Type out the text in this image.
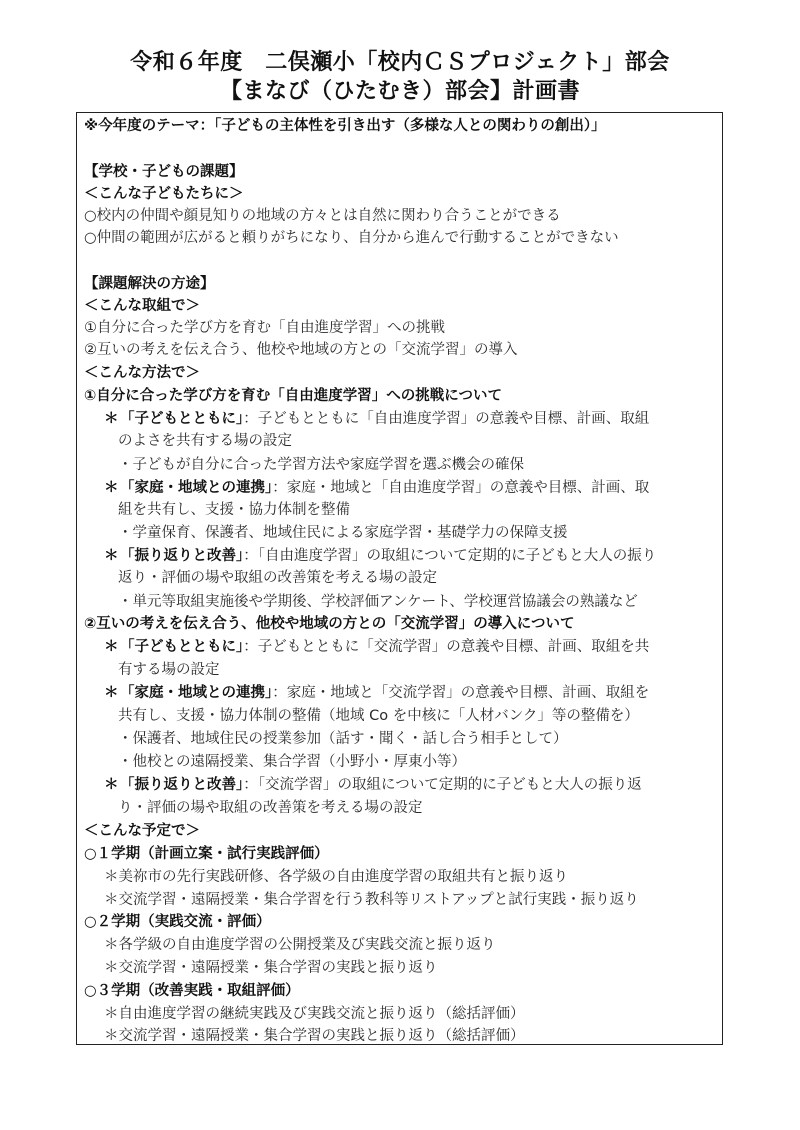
令和６年度　二俣瀬小「校内ＣＳプロジェクト」部会
【まなび（ひたむき）部会】計画書

※今年度のテーマ：「子どもの主体性を引き出す（多様な人との関わりの創出）」

【学校・子どもの課題】

＜こんな子どもたちに＞

○校内の仲間や顔見知りの地域の方々とは自然に関わり合うことができる

○仲間の範囲が広がると頼りがちになり、自分から進んで行動することができない

【課題解決の方途】

＜こんな取組で＞

①自分に合った学び方を育む「自由進度学習」への挑戦

②互いの考えを伝え合う、他校や地域の方との「交流学習」の導入

＜こんな方法で＞

①自分に合った学び方を育む「自由進度学習」への挑戦について

＊ 「子どもとともに」：子どもとともに「自由進度学習」の意義や目標、計画、取組

のよさを共有する場の設定

・子どもが自分に合った学習方法や家庭学習を選ぶ機会の確保

＊ 「家庭・地域との連携」：家庭・地域と「自由進度学習」の意義や目標、計画、取

組を共有し、支援・協力体制を整備

・学童保育、保護者、地域住民による家庭学習・基礎学力の保障支援

＊ 「振り返りと改善」：「自由進度学習」の取組について定期的に子どもと大人の振り

返り・評価の場や取組の改善策を考える場の設定

・単元等取組実施後や学期後、学校評価アンケート、学校運営協議会の熟議など

②互いの考えを伝え合う、他校や地域の方との「交流学習」の導入について

＊ 「子どもとともに」：子どもとともに「交流学習」の意義や目標、計画、取組を共

有する場の設定

＊ 「家庭・地域との連携」：家庭・地域と「交流学習」の意義や目標、計画、取組を

共有し、支援・協力体制の整備（地域 Co を中核に「人材バンク」等の整備を）

・保護者、地域住民の授業参加（話す・聞く・話し合う相手として）

・他校との遠隔授業、集合学習（小野小・厚東小等）

＊ 「振り返りと改善」：「交流学習」の取組について定期的に子どもと大人の振り返

り・評価の場や取組の改善策を考える場の設定

＜こんな予定で＞

○１学期（計画立案・試行実践評価）

＊美祢市の先行実践研修、各学級の自由進度学習の取組共有と振り返り

＊交流学習・遠隔授業・集合学習を行う教科等リストアップと試行実践・振り返り

○２学期（実践交流・評価）

＊各学級の自由進度学習の公開授業及び実践交流と振り返り

＊交流学習・遠隔授業・集合学習の実践と振り返り

○３学期（改善実践・取組評価）

＊自由進度学習の継続実践及び実践交流と振り返り（総括評価）

＊交流学習・遠隔授業・集合学習の実践と振り返り（総括評価）
